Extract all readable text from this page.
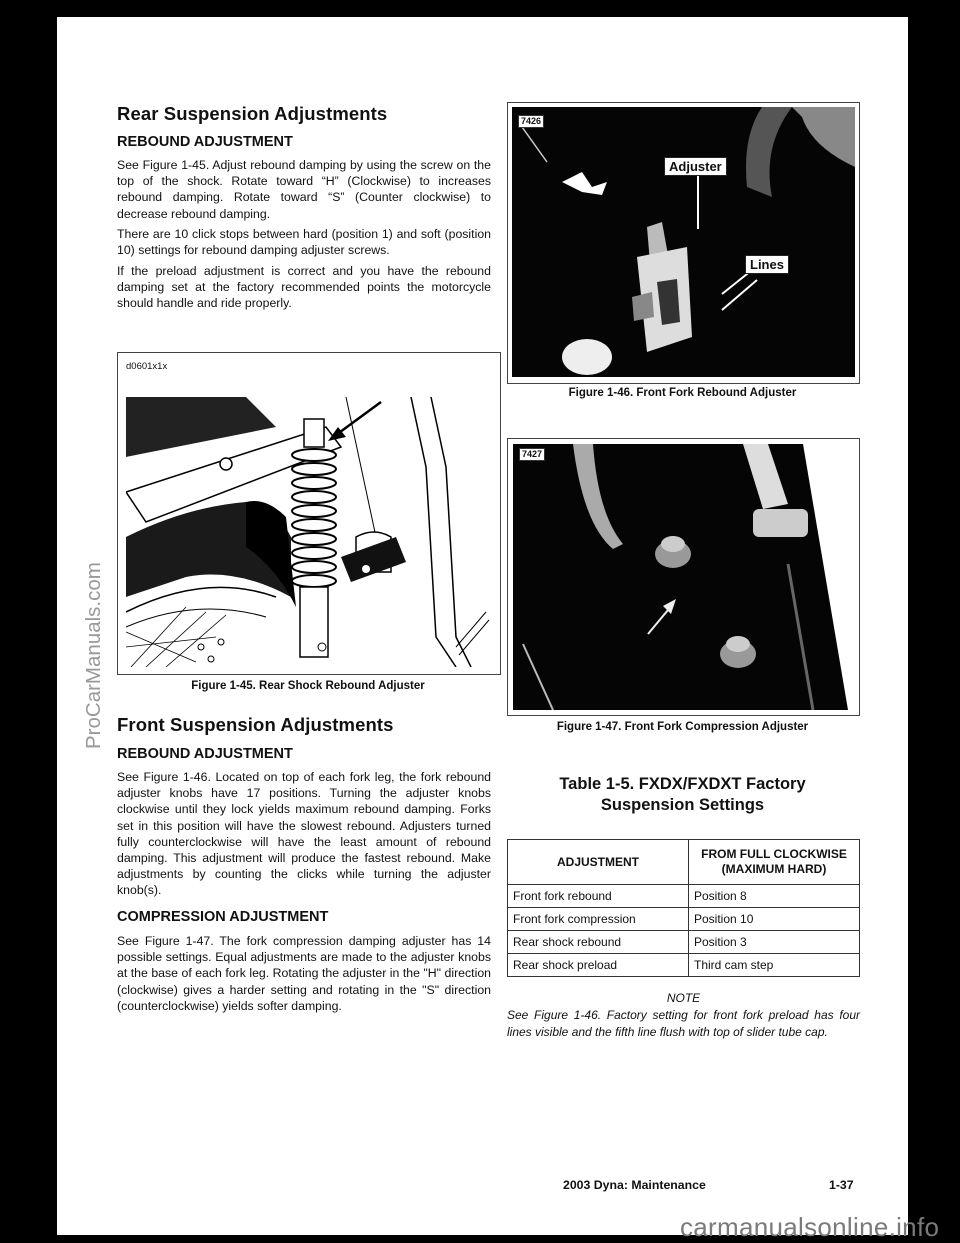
Rear Suspension Adjustments
REBOUND ADJUSTMENT

See Figure 1-45. Adjust rebound damping by using the screw on the top of the shock. Rotate toward “H” (Clockwise) to increases rebound damping. Rotate toward “S” (Counter clockwise) to decrease rebound damping.

There are 10 click stops between hard (position 1) and soft (position 10) settings for rebound damping adjuster screws.

If the preload adjustment is correct and you have the rebound damping set at the factory recommended points the motorcycle should handle and ride properly.

d0601x1x
Figure 1-45. Rear Shock Rebound Adjuster
Front Suspension Adjustments
REBOUND ADJUSTMENT

See Figure 1-46. Located on top of each fork leg, the fork rebound adjuster knobs have 17 positions. Turning the adjuster knobs clockwise until they lock yields maximum rebound damping. Forks set in this position will have the slowest rebound. Adjusters turned fully counterclockwise will have the least amount of rebound damping. This adjustment will produce the fastest rebound. Make adjustments by counting the clicks while turning the adjuster knob(s).

COMPRESSION ADJUSTMENT

See Figure 1-47. The fork compression damping adjuster has 14 possible settings. Equal adjustments are made to the adjuster knobs at the base of each fork leg. Rotating the adjuster in the "H" direction (clockwise) gives a harder setting and rotating in the "S" direction (counterclockwise) yields softer damping.

7426
Adjuster
Lines
Figure 1-46. Front Fork Rebound Adjuster
7427
Figure 1-47. Front Fork Compression Adjuster
Table 1-5. FXDX/FXDXT Factory
Suspension Settings
ADJUSTMENT	FROM FULL CLOCKWISE
(MAXIMUM HARD)

Front fork rebound	Position 8
Front fork compression	Position 10
Rear shock rebound	Position 3
Rear shock preload	Third cam step
NOTE
See Figure 1-46. Factory setting for front fork preload has four lines visible and the fifth line flush with top of slider tube cap.
2003 Dyna: Maintenance	1-37
ProCarManuals.com
carmanualsonline.info
